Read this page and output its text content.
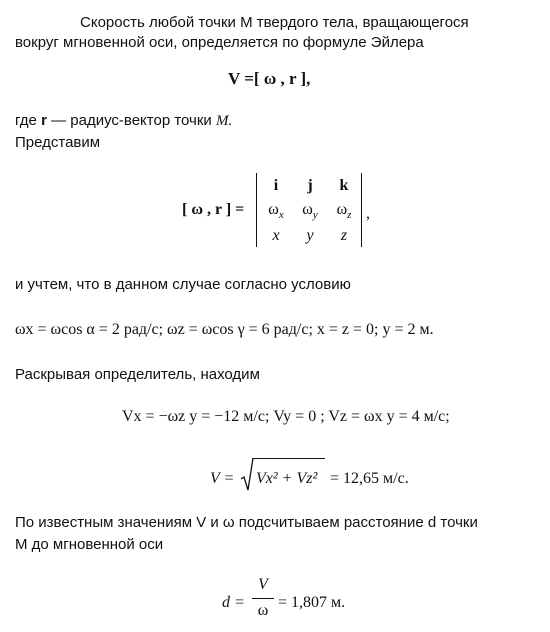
Скорость любой точки M твердого тела, вращающегося
вокруг мгновенной оси, определяется по формуле Эйлера
V =[ ω , r ],
где r — радиус-вектор точки M.
Представим
[ ω , r ] =
i	j	k
$\omega_x$	$\omega_y$	$\omega_z$
x	y	z
,
и учтем, что в данном случае согласно условию
ωx = ωcos α = 2 рад/с; ωz = ωcos γ = 6 рад/с; x = z = 0; y = 2 м.
Раскрывая определитель, находим
Vx = −ωz y = −12 м/с; Vy = 0 ; Vz = ωx y = 4 м/с;
V = Vx² + Vz² = 12,65 м/с.
По известным значениям V и ω подсчитываем расстояние d точки
M до мгновенной оси
d =
V
ω = 1,807 м.
